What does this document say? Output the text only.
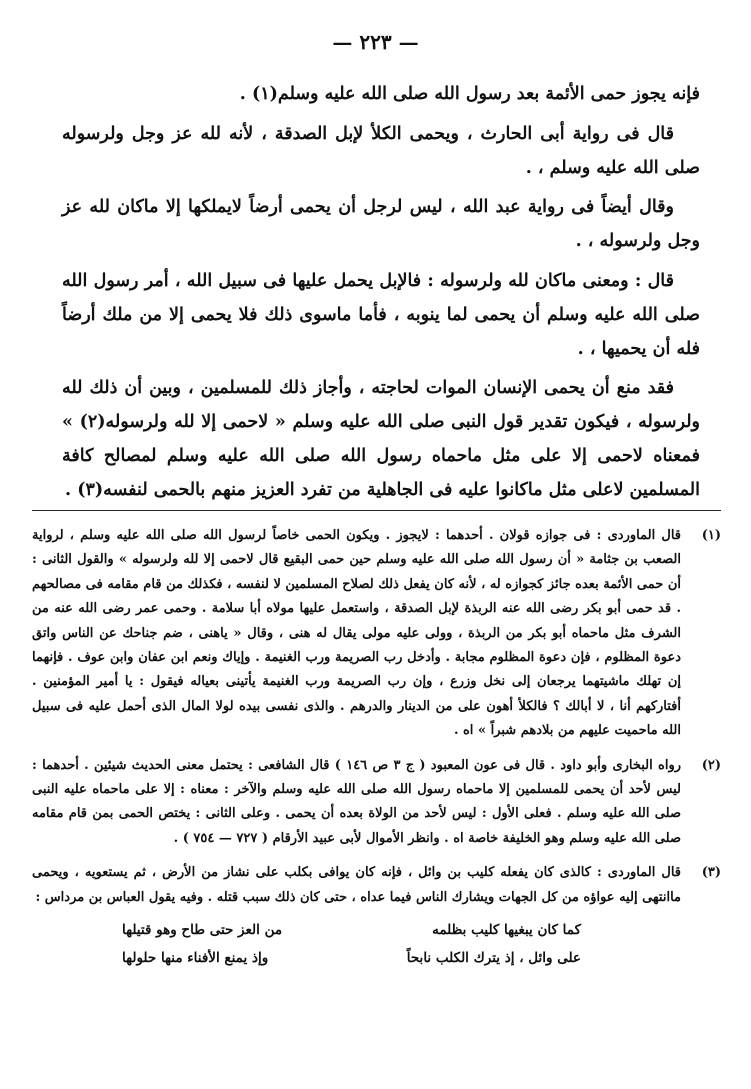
— ٢٢٣ —

فإنه يجوز حمى الأئمة بعد رسول الله صلى الله عليه وسلم(١) .

قال فى رواية أبى الحارث ، ويحمى الكلأ لإبل الصدقة ، لأنه لله عز وجل ولرسوله صلى الله عليه وسلم ، .

وقال أيضاً فى رواية عبد الله ، ليس لرجل أن يحمى أرضاً لايملكها إلا ماكان لله عز وجل ولرسوله ، .

قال : ومعنى ماكان لله ولرسوله : فالإبل يحمل عليها فى سبيل الله ، أمر رسول الله صلى الله عليه وسلم أن يحمى لما ينوبه ، فأما ماسوى ذلك فلا يحمى إلا من ملك أرضاً فله أن يحميها ، .

فقد منع أن يحمى الإنسان الموات لحاجته ، وأجاز ذلك للمسلمين ، وبين أن ذلك لله ولرسوله ، فيكون تقدير قول النبى صلى الله عليه وسلم « لاحمى إلا لله ولرسوله(٢) » فمعناه لاحمى إلا على مثل ماحماه رسول الله صلى الله عليه وسلم لمصالح كافة المسلمين لاعلى مثل ماكانوا عليه فى الجاهلية من تفرد العزيز منهم بالحمى لنفسه(٣) .

(١)
قال الماوردى : فى جوازه قولان . أحدهما : لايجوز . ويكون الحمى خاصاً لرسول الله صلى الله عليه وسلم ، لرواية الصعب بن جثامة « أن رسول الله صلى الله عليه وسلم حين حمى البقيع قال لاحمى إلا لله ولرسوله » والقول الثانى : أن حمى الأئمة بعده جائز كجوازه له ، لأنه كان يفعل ذلك لصلاح المسلمين لا لنفسه ، فكذلك من قام مقامه فى مصالحهم . قد حمى أبو بكر رضى الله عنه الربذة لإبل الصدقة ، واستعمل عليها مولاه أبا سلامة . وحمى عمر رضى الله عنه من الشرف مثل ماحماه أبو بكر من الربذة ، وولى عليه مولى يقال له هنى ، وقال « ياهنى ، ضم جناحك عن الناس واتق دعوة المظلوم ، فإن دعوة المظلوم مجابة . وأدخل رب الصريمة ورب الغنيمة . وإياك ونعم ابن عفان وابن عوف . فإنهما إن تهلك ماشيتهما يرجعان إلى نخل وزرع ، وإن رب الصريمة ورب الغنيمة يأتينى بعياله فيقول : يا أمير المؤمنين . أفتاركهم أنا ، لا أبالك ؟ فالكلأ أهون على من الدينار والدرهم . والذى نفسى بيده لولا المال الذى أحمل عليه فى سبيل الله ماحميت عليهم من بلادهم شبراً » اه .
(٢)
رواه البخارى وأبو داود . قال فى عون المعبود ( ج ٣ ص ١٤٦ ) قال الشافعى : يحتمل معنى الحديث شيئين . أحدهما : ليس لأحد أن يحمى للمسلمين إلا ماحماه رسول الله صلى الله عليه وسلم والآخر : معناه : إلا على ماحماه عليه النبى صلى الله عليه وسلم . فعلى الأول : ليس لأحد من الولاة بعده أن يحمى . وعلى الثانى : يختص الحمى بمن قام مقامه صلى الله عليه وسلم وهو الخليفة خاصة اه . وانظر الأموال لأبى عبيد الأرقام ( ٧٢٧ — ٧٥٤ ) .
(٣)
قال الماوردى : كالذى كان يفعله كليب بن وائل ، فإنه كان يوافى بكلب على نشاز من الأرض ، ثم يستعويه ، ويحمى ماانتهى إليه عواؤه من كل الجهات ويشارك الناس فيما عداه ، حتى كان ذلك سبب قتله . وفيه يقول العباس بن مرداس :
كما كان يبغيها كليب بظلمه
من العز حتى طاح وهو قتيلها
على وائل ، إذ يترك الكلب نابحاً
وإذ يمنع الأفناء منها حلولها
